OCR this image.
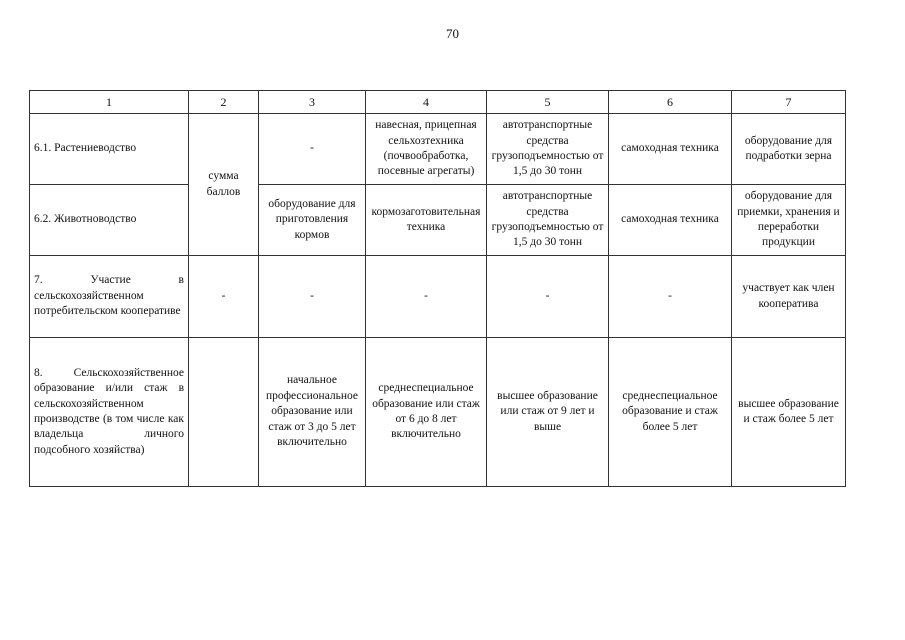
70
1	2	3	4	5	6	7
6.1. Растениеводство	сумма баллов	-	навесная, прицепная сельхозтехника (почвообработка, посевные агрегаты)	автотранспортные средства грузоподъемностью от 1,5 до 30 тонн	самоходная техника	оборудование для подработки зерна
6.2. Животноводство		оборудование для приготовления кормов	кормозаготовительная техника	автотранспортные средства грузоподъемностью от 1,5 до 30 тонн	самоходная техника	оборудование для приемки, хранения и переработки продукции
7. Участие в сельскохозяйственном потребительском кооперативе	-	-	-	-	-	участвует как член кооператива
8. Сельскохозяйственное образование и/или стаж в сельскохозяйственном производстве (в том числе как владельца личного подсобного хозяйства)		начальное профессиональное образование или стаж от 3 до 5 лет включительно	среднеспециальное образование или стаж от 6 до 8 лет включительно	высшее образование или стаж от 9 лет и выше	среднеспециальное образование и стаж более 5 лет	высшее образование и стаж более 5 лет
